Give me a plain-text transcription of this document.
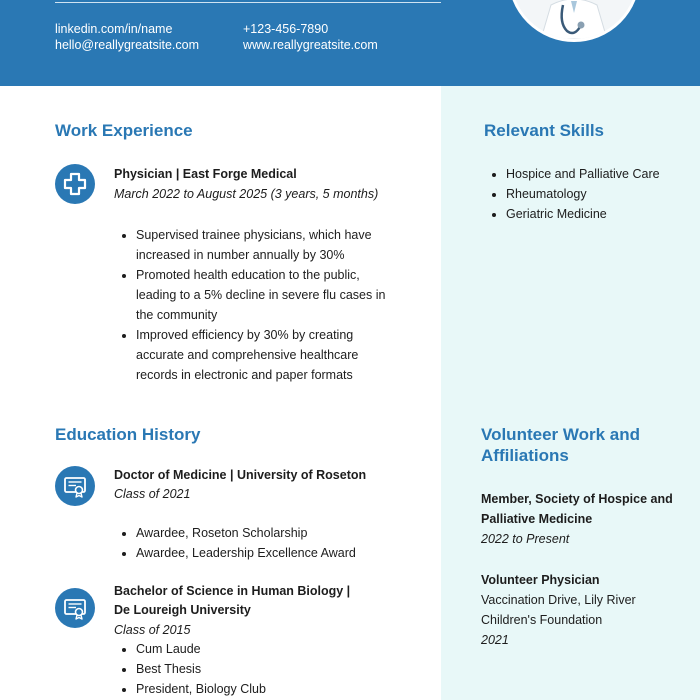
linkedin.com/in/name
hello@reallygreatsite.com
+123-456-7890
www.reallygreatsite.com
Work Experience
Physician | East Forge Medical
March 2022 to August 2025 (3 years, 5 months)
• Supervised trainee physicians, which have increased in number annually by 30%
• Promoted health education to the public, leading to a 5% decline in severe flu cases in the community
• Improved efficiency by 30% by creating accurate and comprehensive healthcare records in electronic and paper formats
Education History
Doctor of Medicine | University of Roseton
Class of 2021
• Awardee, Roseton Scholarship
• Awardee, Leadership Excellence Award
Bachelor of Science in Human Biology |
De Loureigh University
Class of 2015
• Cum Laude
• Best Thesis
• President, Biology Club
Relevant Skills
• Hospice and Palliative Care
• Rheumatology
• Geriatric Medicine
Volunteer Work and
Affiliations
Member, Society of Hospice and
Palliative Medicine
2022 to Present
Volunteer Physician
Vaccination Drive, Lily River
Children's Foundation
2021
